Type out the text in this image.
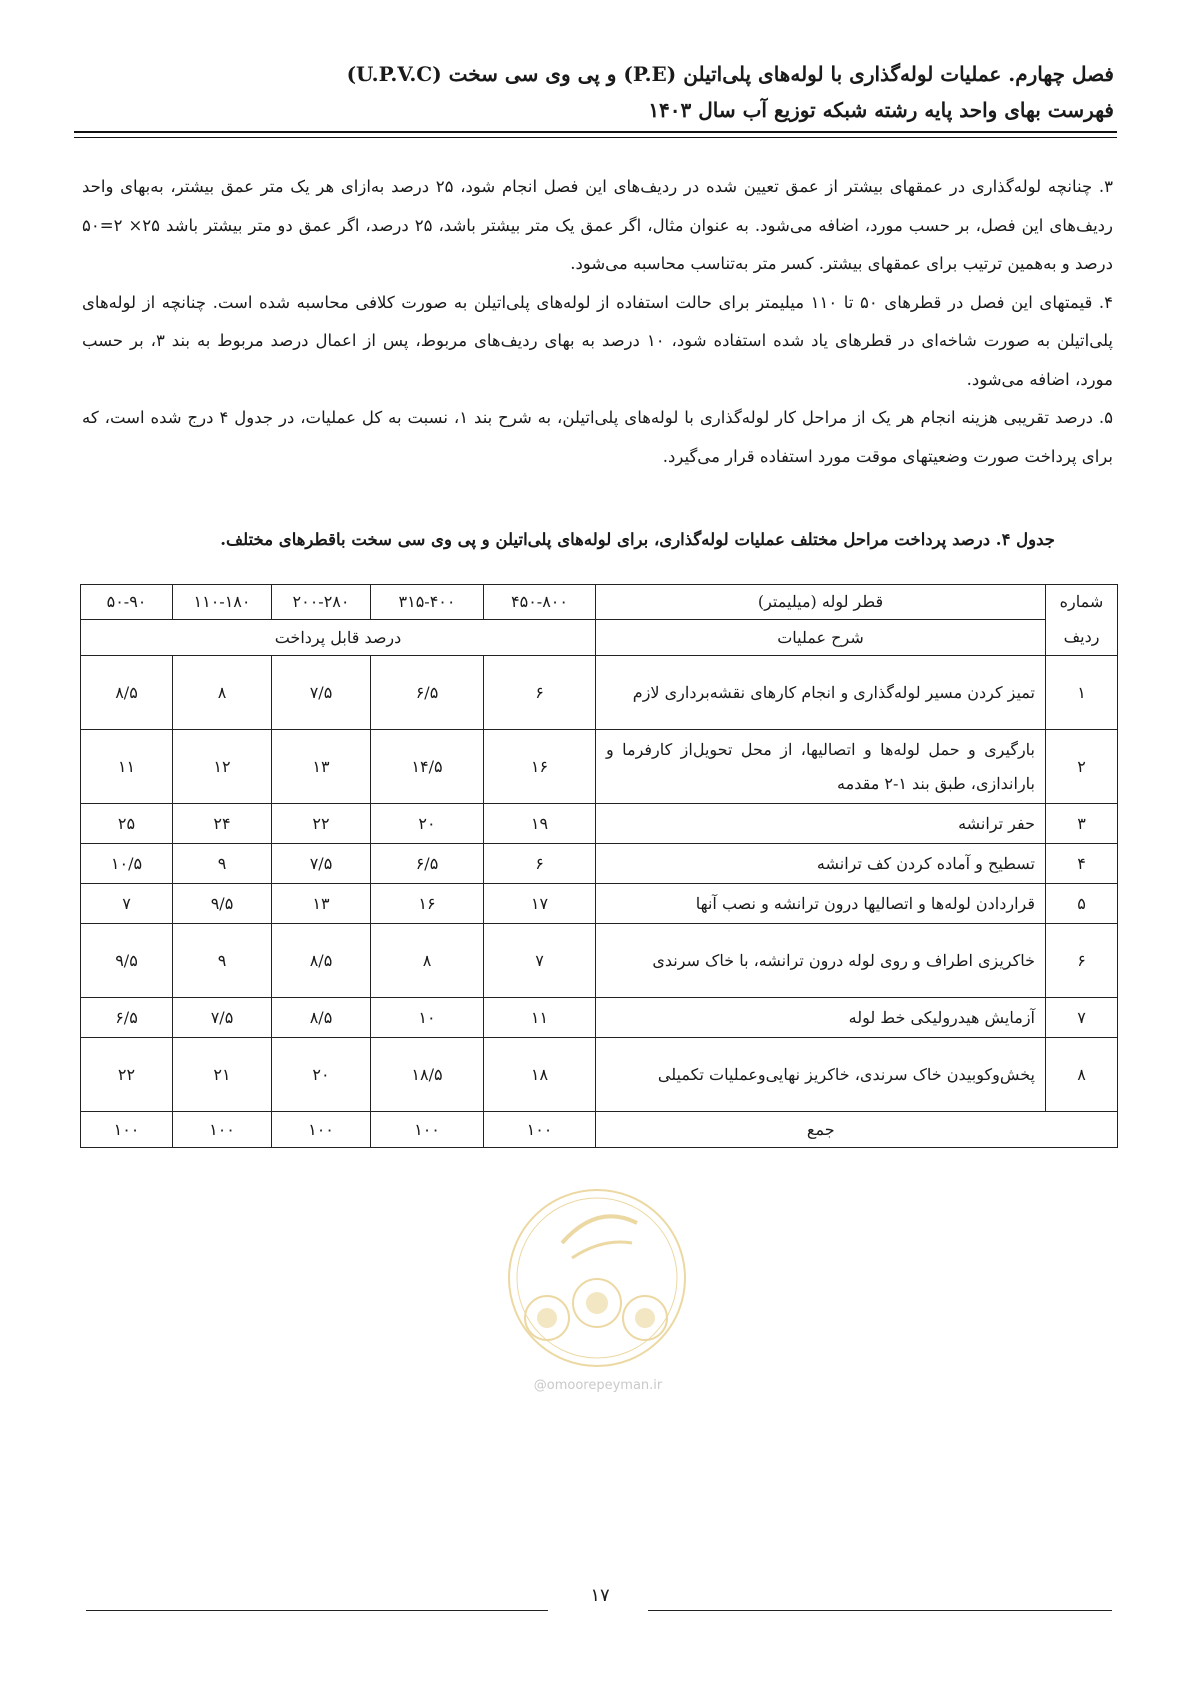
فصل چهارم. عملیات لوله‌گذاری با لوله‌های پلی‌اتیلن (P.E) و پی وی سی سخت (U.P.V.C)
فهرست بهای واحد پایه رشته شبکه توزیع آب سال ۱۴۰۳

۳. چنانچه لوله‌گذاری در عمقهای بیشتر از عمق تعیین شده در ردیف‌های این فصل انجام شود، ۲۵ درصد به‌ازای هر یک متر عمق بیشتر، به‌بهای واحد ردیف‌های این فصل، بر حسب مورد، اضافه می‌شود. به عنوان مثال، اگر عمق یک متر بیشتر باشد، ۲۵ درصد، اگر عمق دو متر بیشتر باشد ۲۵× ۲=۵۰ درصد و به‌همین ترتیب برای عمقهای بیشتر. کسر متر به‌تناسب محاسبه می‌شود.

۴. قیمتهای این فصل در قطرهای ۵۰ تا ۱۱۰ میلیمتر برای حالت استفاده از لوله‌های پلی‌اتیلن به صورت کلافی محاسبه شده است. چنانچه از لوله‌های پلی‌اتیلن به صورت شاخه‌ای در قطرهای یاد شده استفاده شود، ۱۰ درصد به بهای ردیف‌های مربوط، پس از اعمال درصد مربوط به بند ۳، بر حسب مورد، اضافه می‌شود.

۵. درصد تقریبی هزینه انجام هر یک از مراحل کار لوله‌گذاری با لوله‌های پلی‌اتیلن، به شرح بند ۱، نسبت به کل عملیات، در جدول ۴ درج شده است، که برای پرداخت صورت وضعیتهای موقت مورد استفاده قرار می‌گیرد.

جدول ۴. درصد پرداخت مراحل مختلف عملیات لوله‌گذاری، برای لوله‌های پلی‌اتیلن و پی وی سی سخت باقطرهای مختلف.
شماره	قطر لوله (میلیمتر)	۴۵۰-۸۰۰	۳۱۵-۴۰۰	۲۰۰-۲۸۰	۱۱۰-۱۸۰	۵۰-۹۰
ردیف	شرح عملیات	درصد قابل پرداخت				
۱	تمیز کردن مسیر لوله‌گذاری و انجام کارهای نقشه‌برداری لازم	۶	۶/۵	۷/۵	۸	۸/۵
۲	بارگیری و حمل لوله‌ها و اتصالیها، از محل تحویل‌از کارفرما و باراندازی، طبق بند ۱-۲ مقدمه	۱۶	۱۴/۵	۱۳	۱۲	۱۱
۳	حفر ترانشه	۱۹	۲۰	۲۲	۲۴	۲۵
۴	تسطیح و آماده کردن کف ترانشه	۶	۶/۵	۷/۵	۹	۱۰/۵
۵	قراردادن لوله‌ها و اتصالیها درون ترانشه و نصب آنها	۱۷	۱۶	۱۳	۹/۵	۷
۶	خاکریزی اطراف و روی لوله درون ترانشه، با خاک سرندی	۷	۸	۸/۵	۹	۹/۵
۷	آزمایش هیدرولیکی خط لوله	۱۱	۱۰	۸/۵	۷/۵	۶/۵
۸	پخش‌وکوبیدن خاک سرندی، خاکریز نهایی‌وعملیات تکمیلی	۱۸	۱۸/۵	۲۰	۲۱	۲۲
	جمع	۱۰۰	۱۰۰	۱۰۰	۱۰۰	۱۰۰
@omoorepeyman.ir
۱۷
